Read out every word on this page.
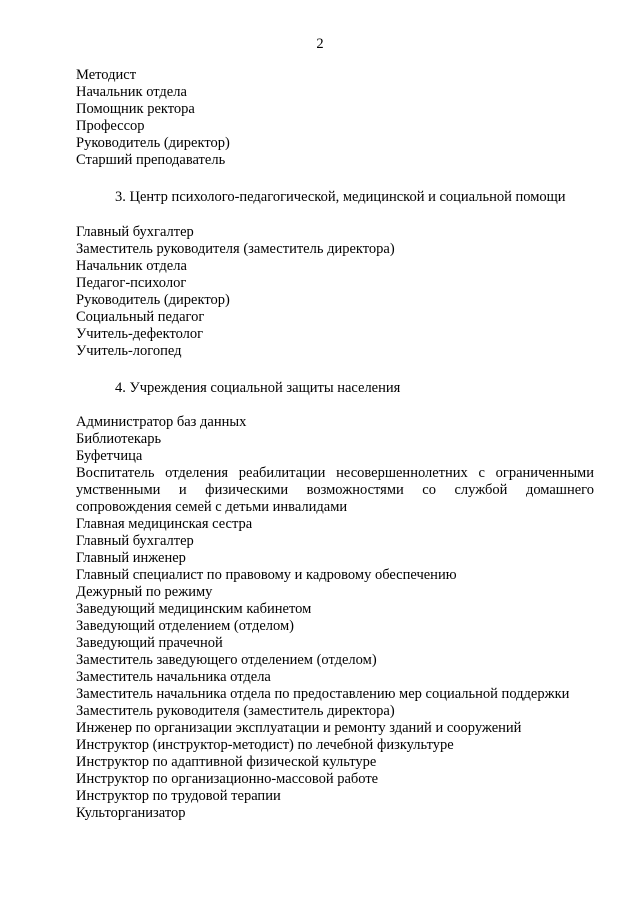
2
Методист
Начальник отдела
Помощник ректора
Профессор
Руководитель (директор)
Старший преподаватель
3. Центр психолого-педагогической, медицинской и социальной помощи
Главный бухгалтер
Заместитель руководителя (заместитель директора)
Начальник отдела
Педагог-психолог
Руководитель (директор)
Социальный педагог
Учитель-дефектолог
Учитель-логопед
4. Учреждения социальной защиты населения
Администратор баз данных
Библиотекарь
Буфетчица
Воспитатель отделения реабилитации несовершеннолетних с ограниченными
умственными и физическими возможностями со службой домашнего
сопровождения семей с детьми инвалидами
Главная медицинская сестра
Главный бухгалтер
Главный инженер
Главный специалист по правовому и кадровому обеспечению
Дежурный по режиму
Заведующий медицинским кабинетом
Заведующий отделением (отделом)
Заведующий прачечной
Заместитель заведующего отделением (отделом)
Заместитель начальника отдела
Заместитель начальника отдела по предоставлению мер социальной поддержки
Заместитель руководителя (заместитель директора)
Инженер по организации эксплуатации и ремонту зданий и сооружений
Инструктор (инструктор-методист) по лечебной физкультуре
Инструктор по адаптивной физической культуре
Инструктор по организационно-массовой работе
Инструктор по трудовой терапии
Культорганизатор
